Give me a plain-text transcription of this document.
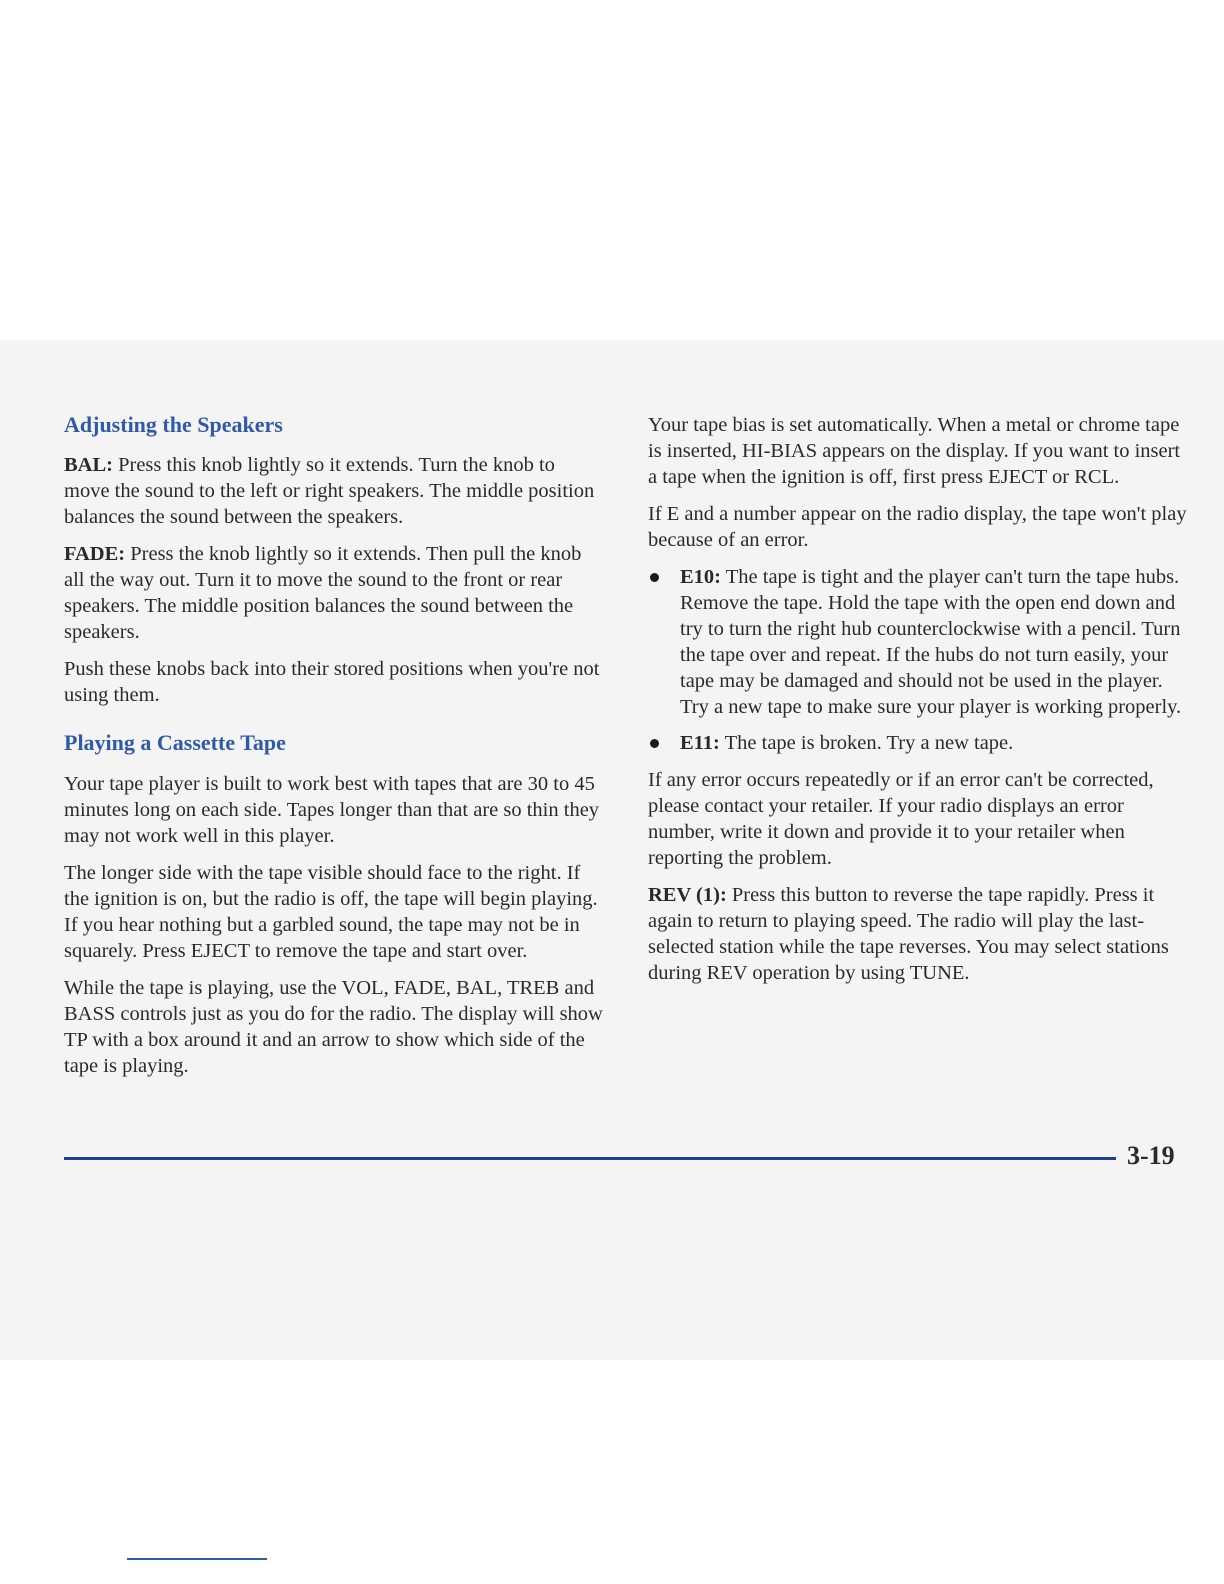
Adjusting the Speakers

BAL: Press this knob lightly so it extends. Turn the knob to move the sound to the left or right speakers. The middle position balances the sound between the speakers.

FADE: Press the knob lightly so it extends. Then pull the knob all the way out. Turn it to move the sound to the front or rear speakers. The middle position balances the sound between the speakers.

Push these knobs back into their stored positions when you're not using them.

Playing a Cassette Tape

Your tape player is built to work best with tapes that are 30 to 45 minutes long on each side. Tapes longer than that are so thin they may not work well in this player.

The longer side with the tape visible should face to the right. If the ignition is on, but the radio is off, the tape will begin playing. If you hear nothing but a garbled sound, the tape may not be in squarely. Press EJECT to remove the tape and start over.

While the tape is playing, use the VOL, FADE, BAL, TREB and BASS controls just as you do for the radio. The display will show TP with a box around it and an arrow to show which side of the tape is playing.

Your tape bias is set automatically. When a metal or chrome tape is inserted, HI-BIAS appears on the display. If you want to insert a tape when the ignition is off, first press EJECT or RCL.

If E and a number appear on the radio display, the tape won't play because of an error.

E10: The tape is tight and the player can't turn the tape hubs. Remove the tape. Hold the tape with the open end down and try to turn the right hub counterclockwise with a pencil. Turn the tape over and repeat. If the hubs do not turn easily, your tape may be damaged and should not be used in the player. Try a new tape to make sure your player is working properly.
E11: The tape is broken. Try a new tape.

If any error occurs repeatedly or if an error can't be corrected, please contact your retailer. If your radio displays an error number, write it down and provide it to your retailer when reporting the problem.

REV (1): Press this button to reverse the tape rapidly. Press it again to return to playing speed. The radio will play the last-selected station while the tape reverses. You may select stations during REV operation by using TUNE.

3-19
